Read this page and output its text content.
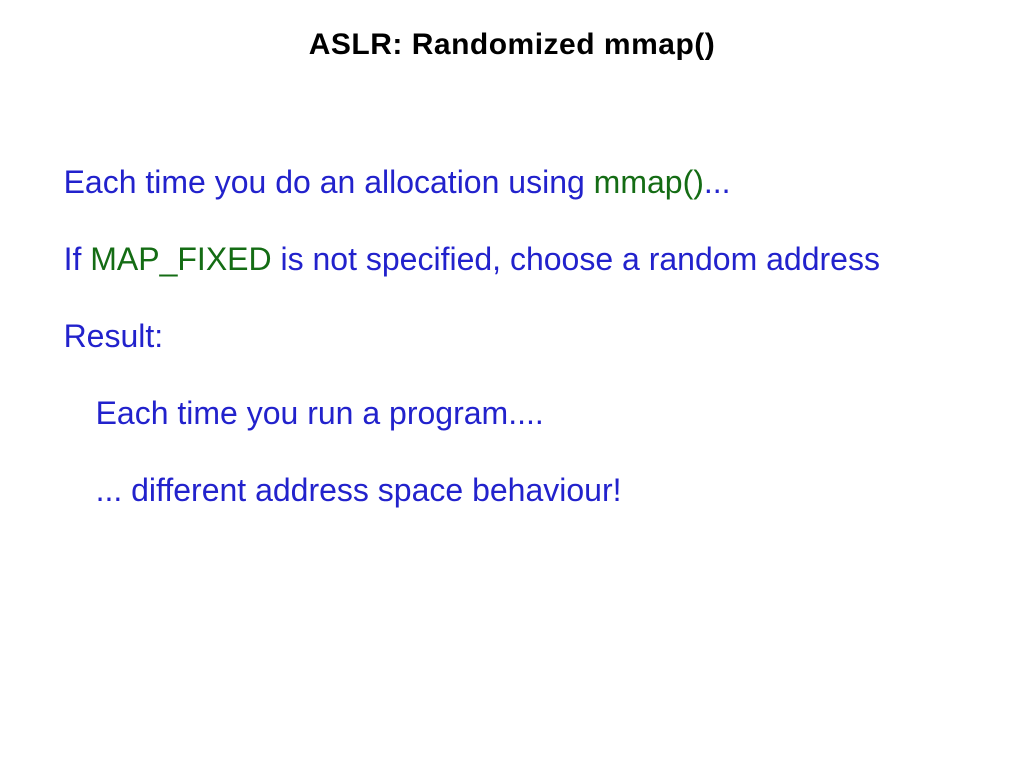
ASLR: Randomized mmap()

Each time you do an allocation using mmap()...

If MAP_FIXED is not specified, choose a random address

Result:

Each time you run a program....

... different address space behaviour!
